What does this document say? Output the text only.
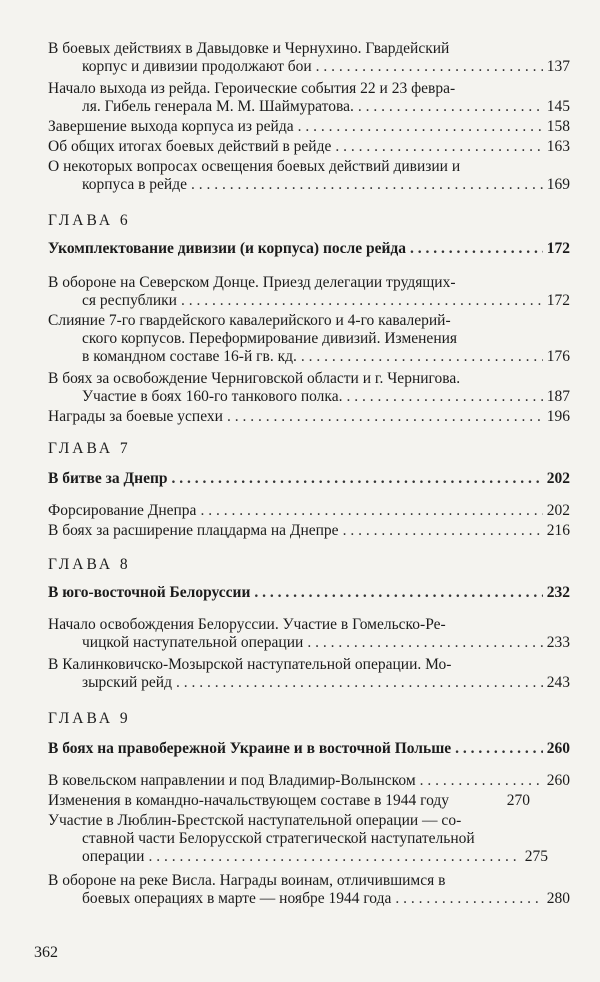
В боевых действиях в Давыдовке и Чернухино. Гвардейский
корпус и дивизии продолжают бои . . .	137
Начало выхода из рейда. Героические события 22 и 23 февра-
ля. Гибель генерала М. М. Шаймуратова. . . .	145
Завершение выхода корпуса из рейда . . .	158
Об общих итогах боевых действий в рейде . . .	163
О некоторых вопросах освещения боевых действий дивизии и
корпуса в рейде . . .	169
ГЛАВА 6
Укомплектование дивизии (и корпуса) после рейда . . .	172
В обороне на Северском Донце. Приезд делегации трудящих-
ся республики . . .	172
Слияние 7-го гвардейского кавалерийского и 4-го кавалерий-
ского корпусов. Переформирование дивизий. Изменения
в командном составе 16-й гв. кд. . . .	176
В боях за освобождение Черниговской области и г. Чернигова.
Участие в боях 160-го танкового полка. . . .	187
Награды за боевые успехи . . .	196
ГЛАВА 7
В битве за Днепр . . .	202
Форсирование Днепра . . .	202
В боях за расширение плацдарма на Днепре . . .	216
ГЛАВА 8
В юго-восточной Белоруссии . . .	232
Начало освобождения Белоруссии. Участие в Гомельско-Ре-
чицкой наступательной операции . . .	233
В Калинковичско-Мозырской наступательной операции. Мо-
зырский рейд . . .	243
ГЛАВА 9
В боях на правобережной Украине и в восточной Польше . . .	260
В ковельском направлении и под Владимир-Волынском . . .	260
Изменения в командно-начальствующем составе в 1944 году	270
Участие в Люблин-Брестской наступательной операции — со-
ставной части Белорусской стратегической наступательной
операции . . .	275
В обороне на реке Висла. Награды воинам, отличившимся в
боевых операциях в марте — ноябре 1944 года . . .	280
362
